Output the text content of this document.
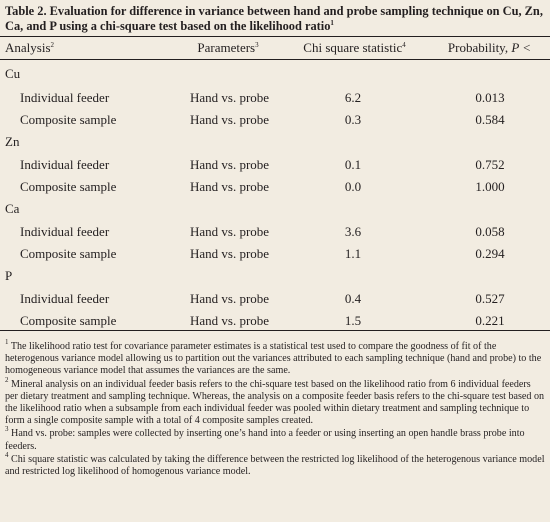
Table 2. Evaluation for difference in variance between hand and probe sampling technique on Cu, Zn, Ca, and P using a chi-square test based on the likelihood ratio$^1$
Analysis$^2$	Parameters$^3$	Chi square statistic$^4$	Probability, P <
Cu
Individual feeder	Hand vs. probe	6.2	0.013
Composite sample	Hand vs. probe	0.3	0.584
Zn
Individual feeder	Hand vs. probe	0.1	0.752
Composite sample	Hand vs. probe	0.0	1.000
Ca
Individual feeder	Hand vs. probe	3.6	0.058
Composite sample	Hand vs. probe	1.1	0.294
P
Individual feeder	Hand vs. probe	0.4	0.527
Composite sample	Hand vs. probe	1.5	0.221

$^1$ The likelihood ratio test for covariance parameter estimates is a statistical test used to compare the goodness of fit of the heterogenous variance model allowing us to partition out the variances attributed to each sampling technique (hand and probe) to the homogeneous variance model that assumes the variances are the same.

$^2$ Mineral analysis on an individual feeder basis refers to the chi-square test based on the likelihood ratio from 6 individual feeders per dietary treatment and sampling technique. Whereas, the analysis on a composite feeder basis refers to the chi-square test based on the likelihood ratio when a subsample from each individual feeder was pooled within dietary treatment and sampling technique to form a single composite sample with a total of 4 composite samples created.

$^3$ Hand vs. probe: samples were collected by inserting one’s hand into a feeder or using inserting an open handle brass probe into feeders.

$^4$ Chi square statistic was calculated by taking the difference between the restricted log likelihood of the heterogenous variance model and restricted log likelihood of homogenous variance model.
